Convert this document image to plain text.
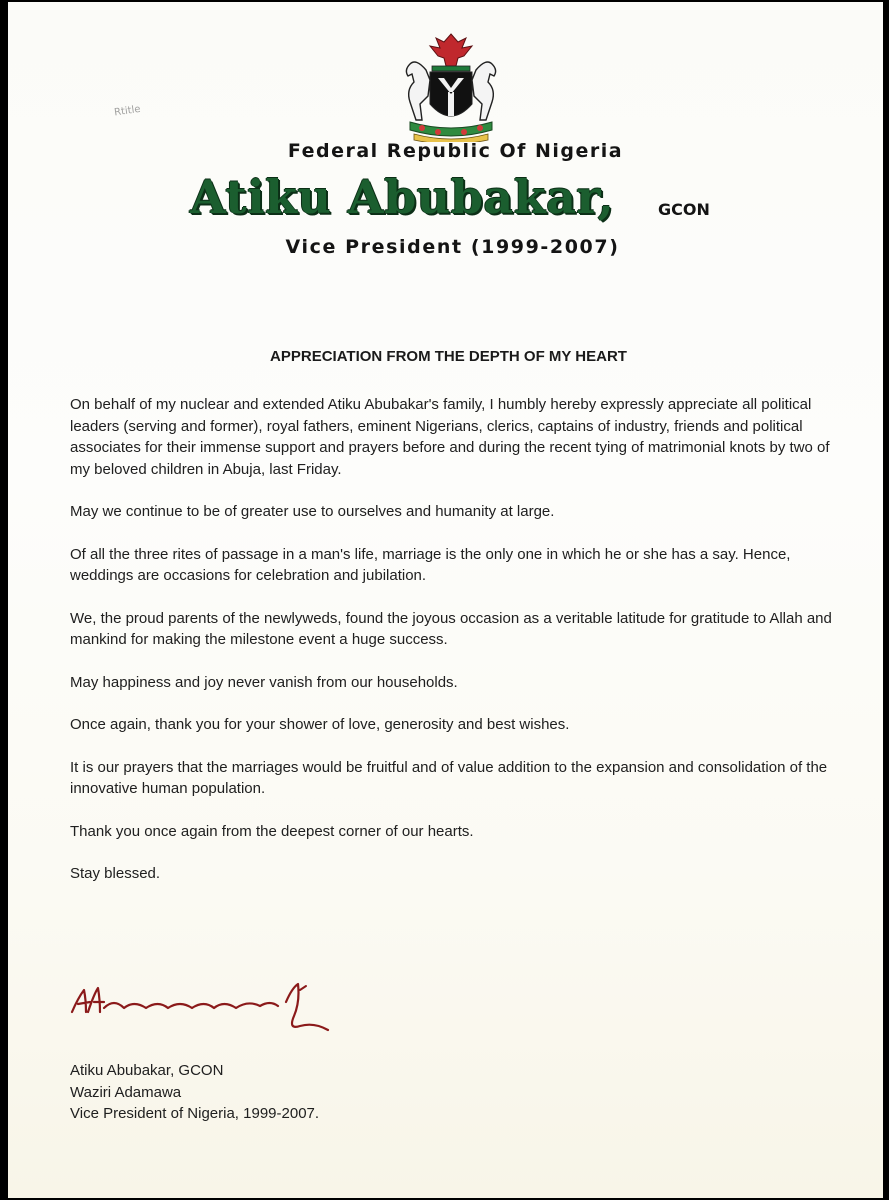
Rtitle
Federal Republic Of Nigeria
Atiku Abubakar,	GCON
Vice President (1999-2007)
APPRECIATION FROM THE DEPTH OF MY HEART

On behalf of my nuclear and extended Atiku Abubakar's family, I humbly hereby expressly appreciate all political leaders (serving and former), royal fathers, eminent Nigerians, clerics, captains of industry, friends and political associates for their immense support and prayers before and during the recent tying of matrimonial knots by two of my beloved children in Abuja, last Friday.

May we continue to be of greater use to ourselves and humanity at large.

Of all the three rites of passage in a man's life, marriage is the only one in which he or she has a say. Hence, weddings are occasions for celebration and jubilation.

We, the proud parents of the newlyweds, found the joyous occasion as a veritable latitude for gratitude to Allah and mankind for making the milestone event a huge success.

May happiness and joy never vanish from our households.

Once again, thank you for your shower of love, generosity and best wishes.

It is our prayers that the marriages would be fruitful and of value addition to the expansion and consolidation of the innovative human population.

Thank you once again from the deepest corner of our hearts.

Stay blessed.

Atiku Abubakar, GCON
Waziri Adamawa
Vice President of Nigeria, 1999-2007.
